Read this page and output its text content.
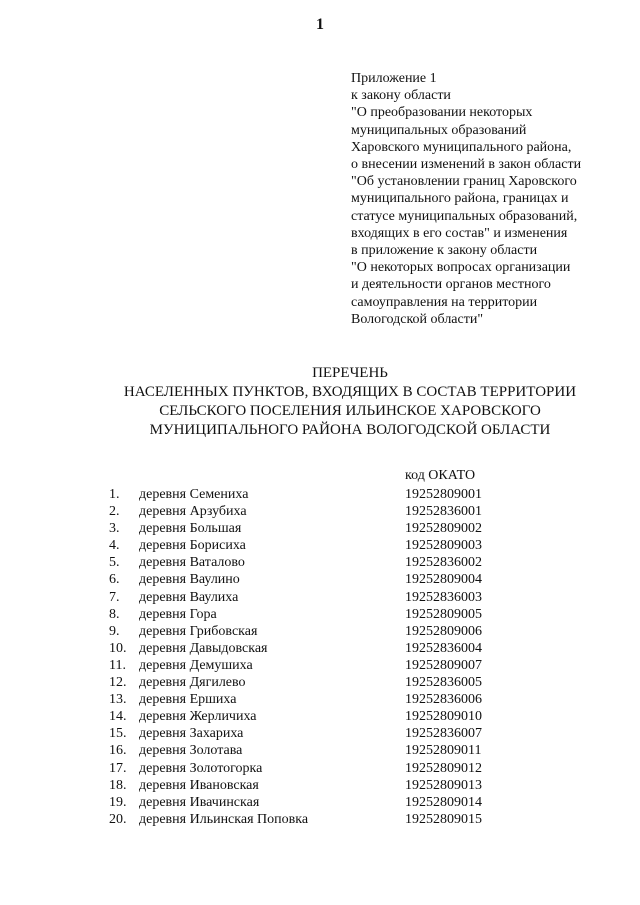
1
Приложение 1
к закону области
"О преобразовании некоторых
муниципальных образований
Харовского муниципального района,
о внесении изменений в закон области
"Об установлении границ Харовского
муниципального района, границах и
статусе муниципальных образований,
входящих в его состав" и изменения
в приложение к закону области
"О некоторых вопросах организации
и деятельности органов местного
самоуправления на территории
Вологодской области"
ПЕРЕЧЕНЬ
НАСЕЛЕННЫХ ПУНКТОВ, ВХОДЯЩИХ В СОСТАВ ТЕРРИТОРИИ
СЕЛЬСКОГО ПОСЕЛЕНИЯ ИЛЬИНСКОЕ ХАРОВСКОГО
МУНИЦИПАЛЬНОГО РАЙОНА ВОЛОГОДСКОЙ ОБЛАСТИ
код ОКАТО
1. деревня Семениха	19252809001
2. деревня Арзубиха	19252836001
3. деревня Большая	19252809002
4. деревня Борисиха	19252809003
5. деревня Ваталово	19252836002
6. деревня Ваулино	19252809004
7. деревня Ваулиха	19252836003
8. деревня Гора	19252809005
9. деревня Грибовская	19252809006
10. деревня Давыдовская	19252836004
11. деревня Демушиха	19252809007
12. деревня Дягилево	19252836005
13. деревня Ершиха	19252836006
14. деревня Жерличиха	19252809010
15. деревня Захариха	19252836007
16. деревня Золотава	19252809011
17. деревня Золотогорка	19252809012
18. деревня Ивановская	19252809013
19. деревня Ивачинская	19252809014
20. деревня Ильинская Поповка	19252809015
